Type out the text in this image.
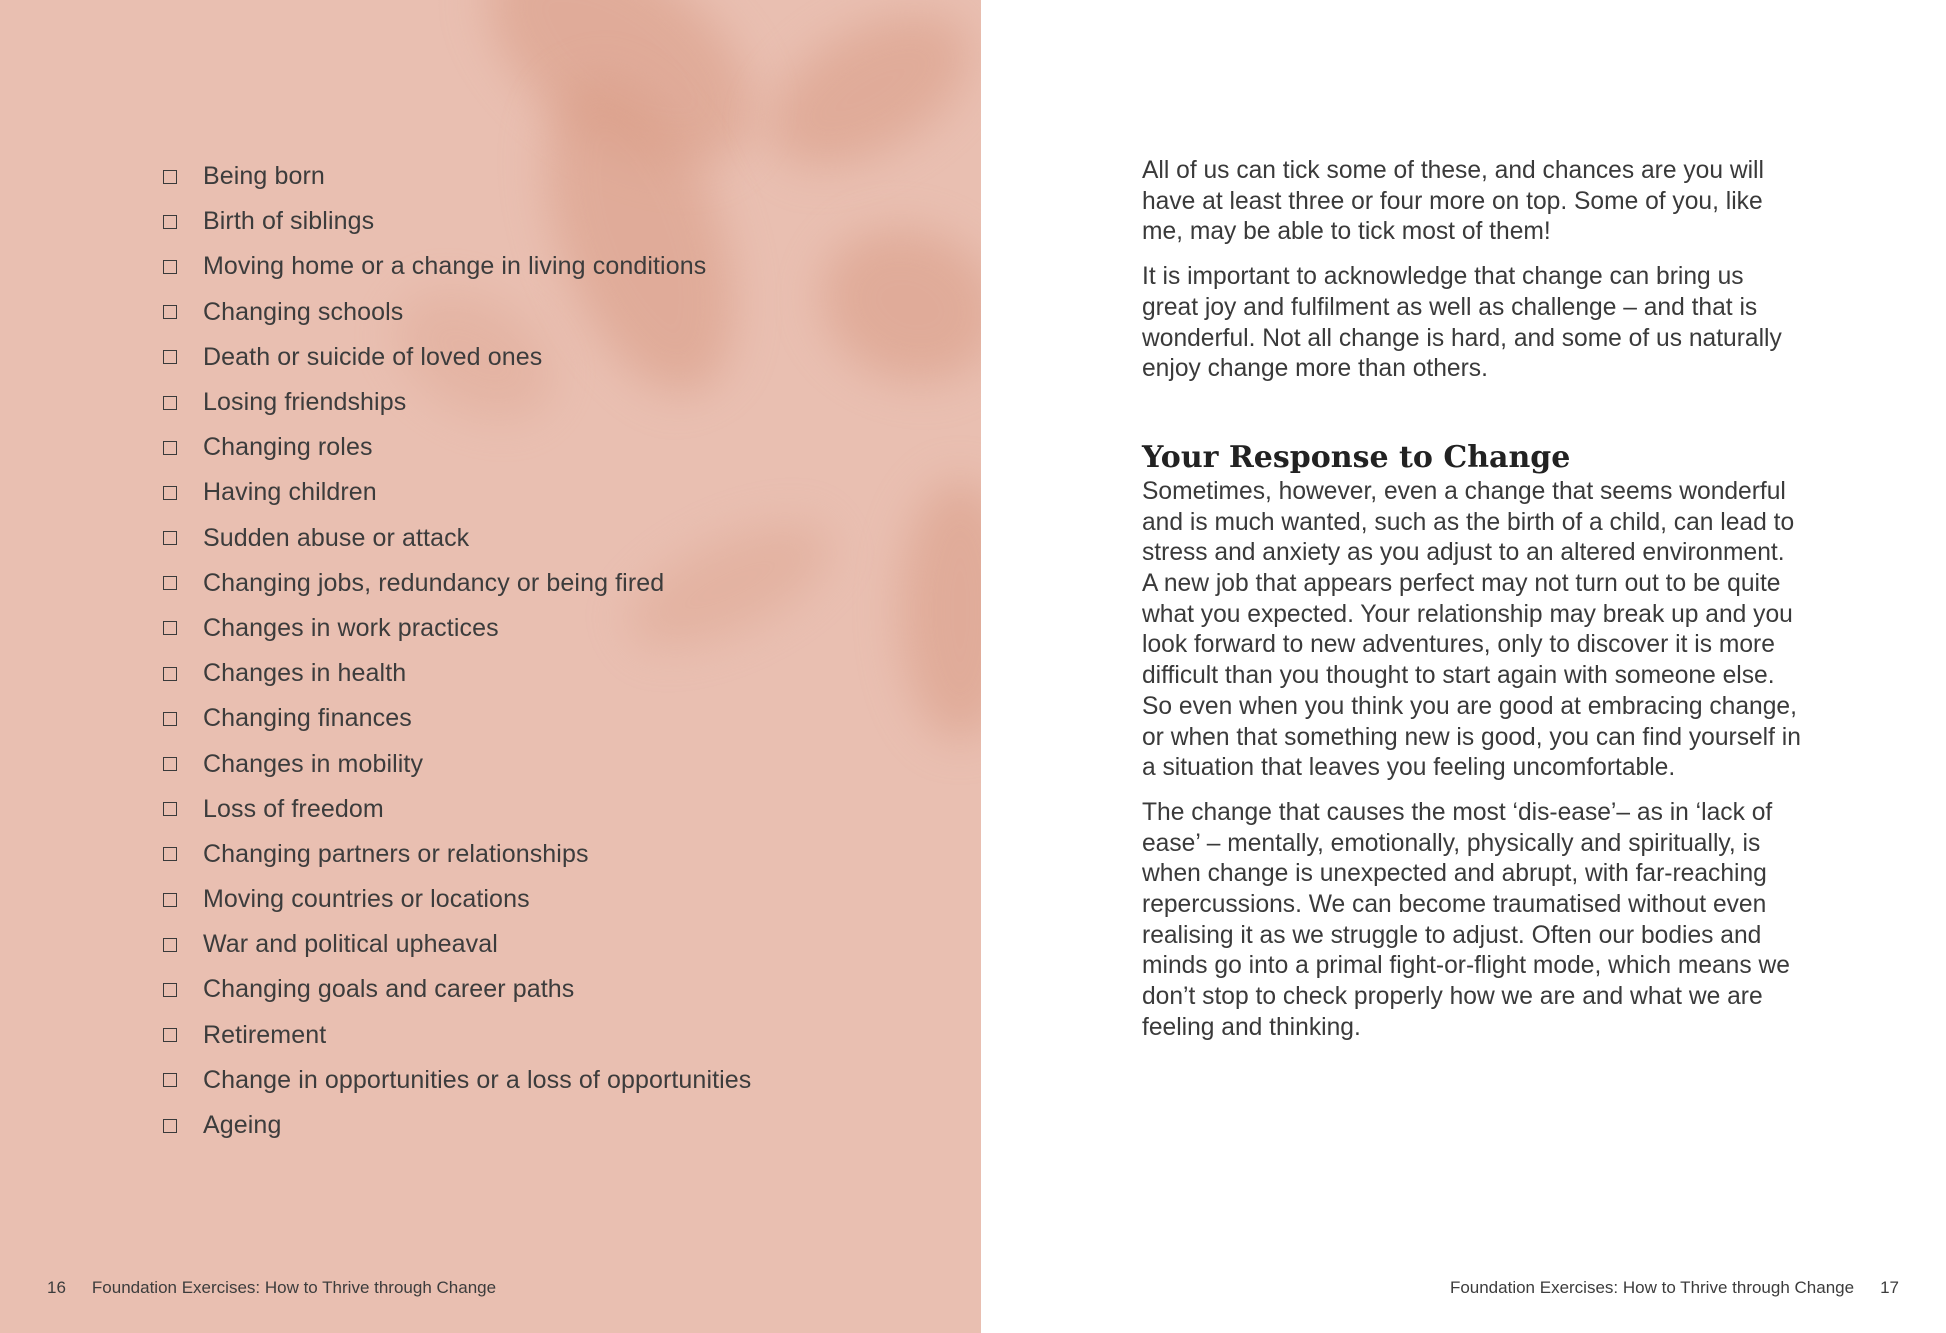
Being born
Birth of siblings
Moving home or a change in living conditions
Changing schools
Death or suicide of loved ones
Losing friendships
Changing roles
Having children
Sudden abuse or attack
Changing jobs, redundancy or being fired
Changes in work practices
Changes in health
Changing finances
Changes in mobility
Loss of freedom
Changing partners or relationships
Moving countries or locations
War and political upheaval
Changing goals and career paths
Retirement
Change in opportunities or a loss of opportunities
Ageing
16 Foundation Exercises: How to Thrive through Change

All of us can tick some of these, and chances are you will have at least three or four more on top. Some of you, like me, may be able to tick most of them!

It is important to acknowledge that change can bring us great joy and fulfilment as well as challenge – and that is wonderful. Not all change is hard, and some of us naturally enjoy change more than others.

Your Response to Change

Sometimes, however, even a change that seems wonderful and is much wanted, such as the birth of a child, can lead to stress and anxiety as you adjust to an altered environment. A new job that appears perfect may not turn out to be quite what you expected. Your relationship may break up and you look forward to new adventures, only to discover it is more difficult than you thought to start again with someone else. So even when you think you are good at embracing change, or when that something new is good, you can find yourself in a situation that leaves you feeling uncomfortable.

The change that causes the most ‘dis-ease’– as in ‘lack of ease’ – mentally, emotionally, physically and spiritually, is when change is unexpected and abrupt, with far-reaching repercussions. We can become traumatised without even realising it as we struggle to adjust. Often our bodies and minds go into a primal fight-or-flight mode, which means we don’t stop to check properly how we are and what we are feeling and thinking.

Foundation Exercises: How to Thrive through Change 17
